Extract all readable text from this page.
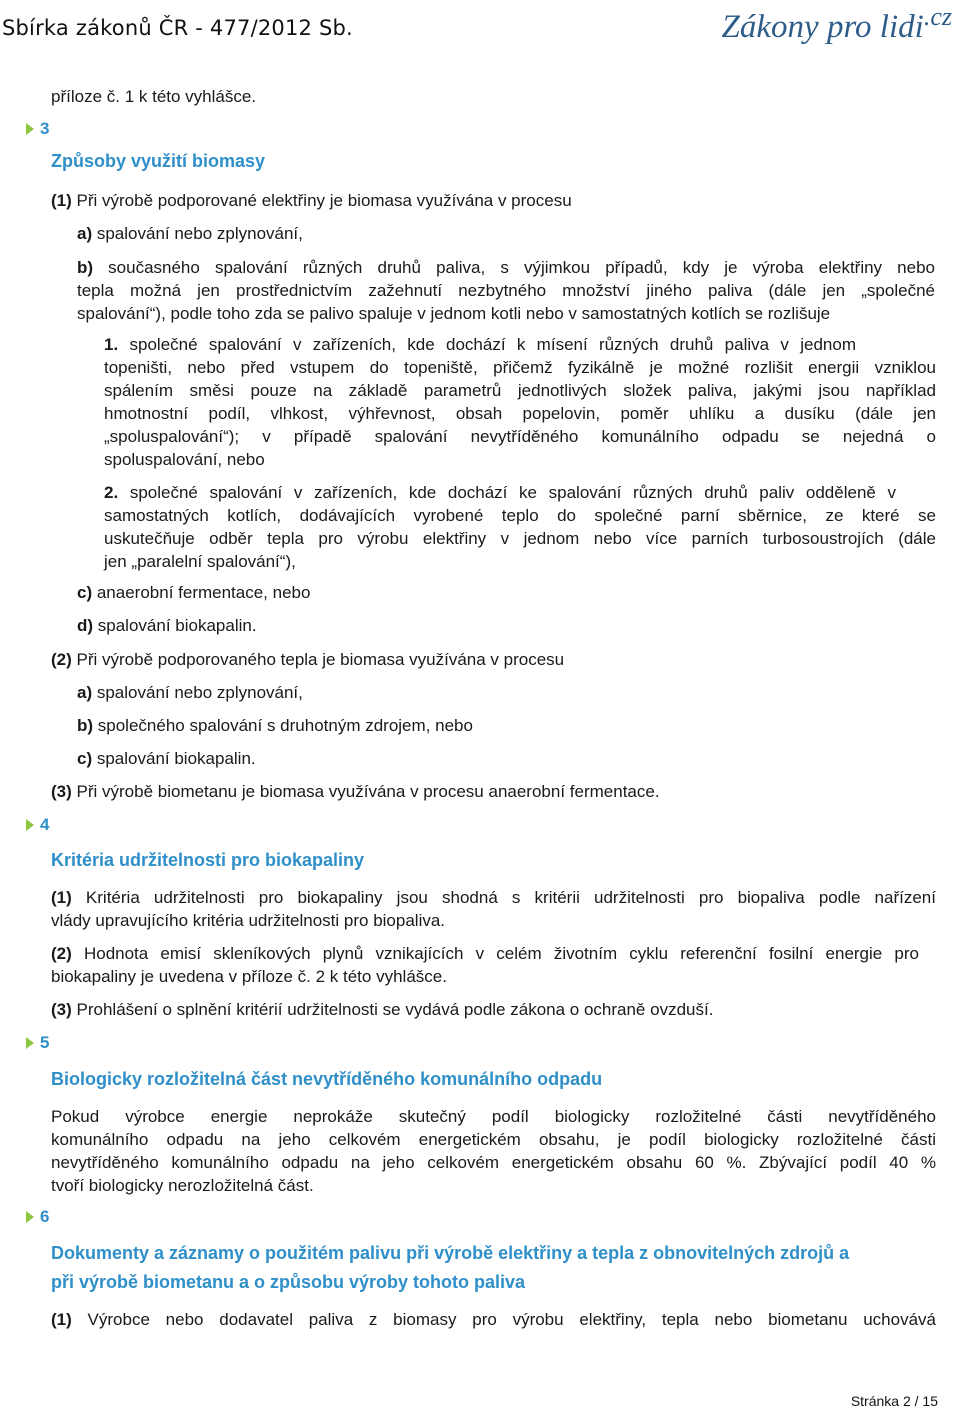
Sbírka zákonů ČR - 477/2012 Sb.	Zákony pro lidi$^{.cz}$
příloze č. 1 k této vyhlášce.
3
Způsoby využití biomasy
(1) Při výrobě podporované elektřiny je biomasa využívána v procesu
a) spalování nebo zplynování,
b) současného spalování různých druhů paliva, s výjimkou případů, kdy je výroba elektřiny nebo
tepla možná jen prostřednictvím zažehnutí nezbytného množství jiného paliva (dále jen „společné
spalování“), podle toho zda se palivo spaluje v jednom kotli nebo v samostatných kotlích se rozlišuje
1. společné spalování v zařízeních, kde dochází k mísení různých druhů paliva v jednom
topeništi, nebo před vstupem do topeniště, přičemž fyzikálně je možné rozlišit energii vzniklou
spálením směsi pouze na základě parametrů jednotlivých složek paliva, jakými jsou například
hmotnostní podíl, vlhkost, výhřevnost, obsah popelovin, poměr uhlíku a dusíku (dále jen
„spoluspalování“); v případě spalování nevytříděného komunálního odpadu se nejedná o
spoluspalování, nebo
2. společné spalování v zařízeních, kde dochází ke spalování různých druhů paliv odděleně v
samostatných kotlích, dodávajících vyrobené teplo do společné parní sběrnice, ze které se
uskutečňuje odběr tepla pro výrobu elektřiny v jednom nebo více parních turbosoustrojích (dále
jen „paralelní spalování“),
c) anaerobní fermentace, nebo
d) spalování biokapalin.
(2) Při výrobě podporovaného tepla je biomasa využívána v procesu
a) spalování nebo zplynování,
b) společného spalování s druhotným zdrojem, nebo
c) spalování biokapalin.
(3) Při výrobě biometanu je biomasa využívána v procesu anaerobní fermentace.
4
Kritéria udržitelnosti pro biokapaliny
(1) Kritéria udržitelnosti pro biokapaliny jsou shodná s kritérii udržitelnosti pro biopaliva podle nařízení
vlády upravujícího kritéria udržitelnosti pro biopaliva.
(2) Hodnota emisí skleníkových plynů vznikajících v celém životním cyklu referenční fosilní energie pro
biokapaliny je uvedena v příloze č. 2 k této vyhlášce.
(3) Prohlášení o splnění kritérií udržitelnosti se vydává podle zákona o ochraně ovzduší.
5
Biologicky rozložitelná část nevytříděného komunálního odpadu
Pokud výrobce energie neprokáže skutečný podíl biologicky rozložitelné části nevytříděného
komunálního odpadu na jeho celkovém energetickém obsahu, je podíl biologicky rozložitelné části
nevytříděného komunálního odpadu na jeho celkovém energetickém obsahu 60 %. Zbývající podíl 40 %
tvoří biologicky nerozložitelná část.
6
Dokumenty a záznamy o použitém palivu při výrobě elektřiny a tepla z obnovitelných zdrojů a
při výrobě biometanu a o způsobu výroby tohoto paliva
(1) Výrobce nebo dodavatel paliva z biomasy pro výrobu elektřiny, tepla nebo biometanu uchovává
Stránka 2 / 15
